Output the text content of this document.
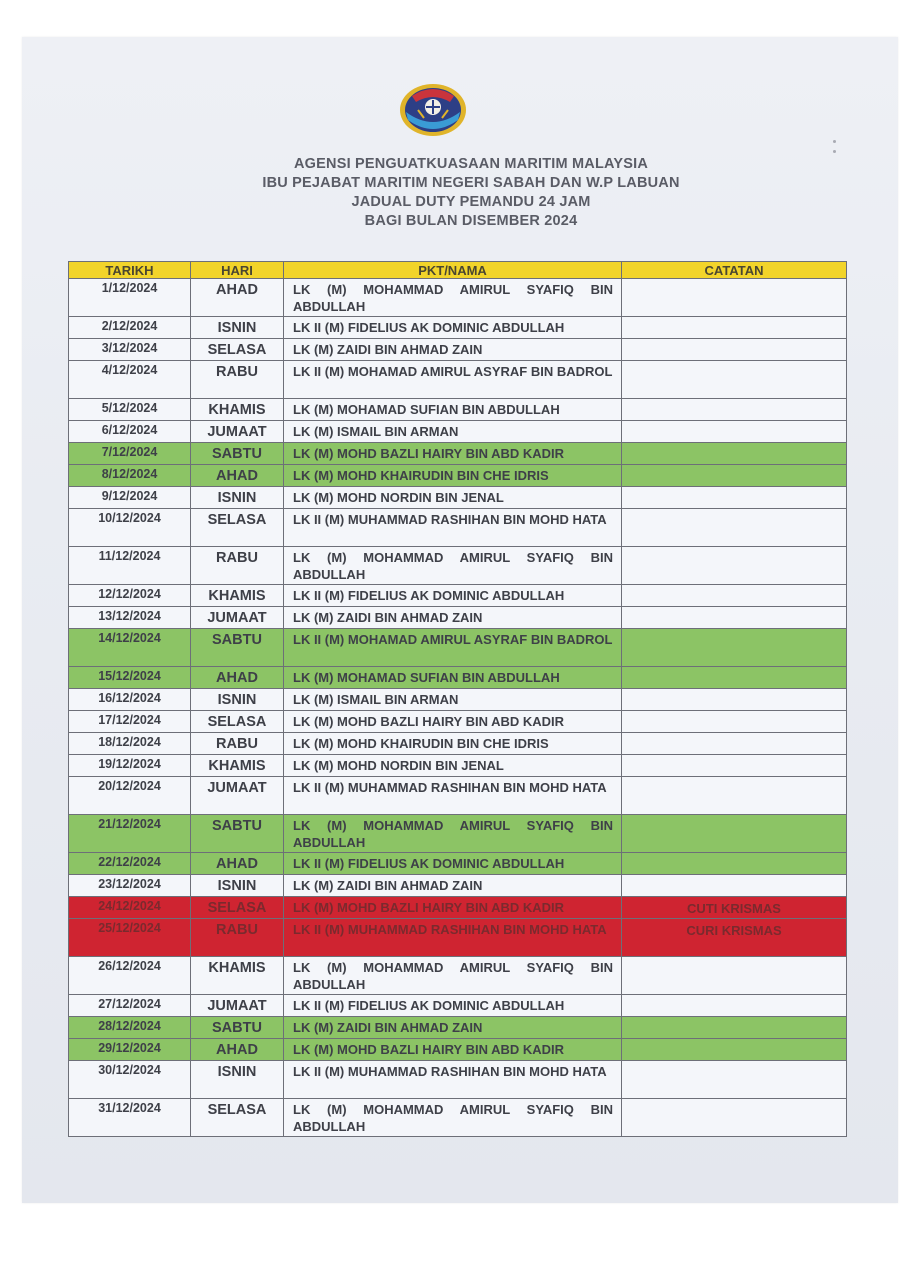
AGENSI PENGUATKUASAAN MARITIM MALAYSIA
IBU PEJABAT MARITIM NEGERI SABAH DAN W.P LABUAN
JADUAL DUTY PEMANDU 24 JAM
BAGI BULAN DISEMBER 2024
TARIKH	HARI	PKT/NAMA	CATATAN
1/12/2024	AHAD	LK (M) MOHAMMAD AMIRUL SYAFIQ BIN ABDULLAH	
2/12/2024	ISNIN	LK II (M) FIDELIUS AK DOMINIC ABDULLAH	
3/12/2024	SELASA	LK (M) ZAIDI BIN AHMAD ZAIN	
4/12/2024	RABU	LK II (M) MOHAMAD AMIRUL ASYRAF BIN BADROL	
5/12/2024	KHAMIS	LK (M) MOHAMAD SUFIAN BIN ABDULLAH	
6/12/2024	JUMAAT	LK (M) ISMAIL BIN ARMAN	
7/12/2024	SABTU	LK (M) MOHD BAZLI HAIRY BIN ABD KADIR	
8/12/2024	AHAD	LK (M) MOHD KHAIRUDIN BIN CHE IDRIS	
9/12/2024	ISNIN	LK (M) MOHD NORDIN BIN JENAL	
10/12/2024	SELASA	LK II (M) MUHAMMAD RASHIHAN BIN MOHD HATA	
11/12/2024	RABU	LK (M) MOHAMMAD AMIRUL SYAFIQ BIN ABDULLAH	
12/12/2024	KHAMIS	LK II (M) FIDELIUS AK DOMINIC ABDULLAH	
13/12/2024	JUMAAT	LK (M) ZAIDI BIN AHMAD ZAIN	
14/12/2024	SABTU	LK II (M) MOHAMAD AMIRUL ASYRAF BIN BADROL	
15/12/2024	AHAD	LK (M) MOHAMAD SUFIAN BIN ABDULLAH	
16/12/2024	ISNIN	LK (M) ISMAIL BIN ARMAN	
17/12/2024	SELASA	LK (M) MOHD BAZLI HAIRY BIN ABD KADIR	
18/12/2024	RABU	LK (M) MOHD KHAIRUDIN BIN CHE IDRIS	
19/12/2024	KHAMIS	LK (M) MOHD NORDIN BIN JENAL	
20/12/2024	JUMAAT	LK II (M) MUHAMMAD RASHIHAN BIN MOHD HATA	
21/12/2024	SABTU	LK (M) MOHAMMAD AMIRUL SYAFIQ BIN ABDULLAH	
22/12/2024	AHAD	LK II (M) FIDELIUS AK DOMINIC ABDULLAH	
23/12/2024	ISNIN	LK (M) ZAIDI BIN AHMAD ZAIN	
24/12/2024	SELASA	LK (M) MOHD BAZLI HAIRY BIN ABD KADIR	CUTI KRISMAS
25/12/2024	RABU	LK II (M) MUHAMMAD RASHIHAN BIN MOHD HATA	CURI KRISMAS
26/12/2024	KHAMIS	LK (M) MOHAMMAD AMIRUL SYAFIQ BIN ABDULLAH	
27/12/2024	JUMAAT	LK II (M) FIDELIUS AK DOMINIC ABDULLAH	
28/12/2024	SABTU	LK (M) ZAIDI BIN AHMAD ZAIN	
29/12/2024	AHAD	LK (M) MOHD BAZLI HAIRY BIN ABD KADIR	
30/12/2024	ISNIN	LK II (M) MUHAMMAD RASHIHAN BIN MOHD HATA	
31/12/2024	SELASA	LK (M) MOHAMMAD AMIRUL SYAFIQ BIN ABDULLAH	
